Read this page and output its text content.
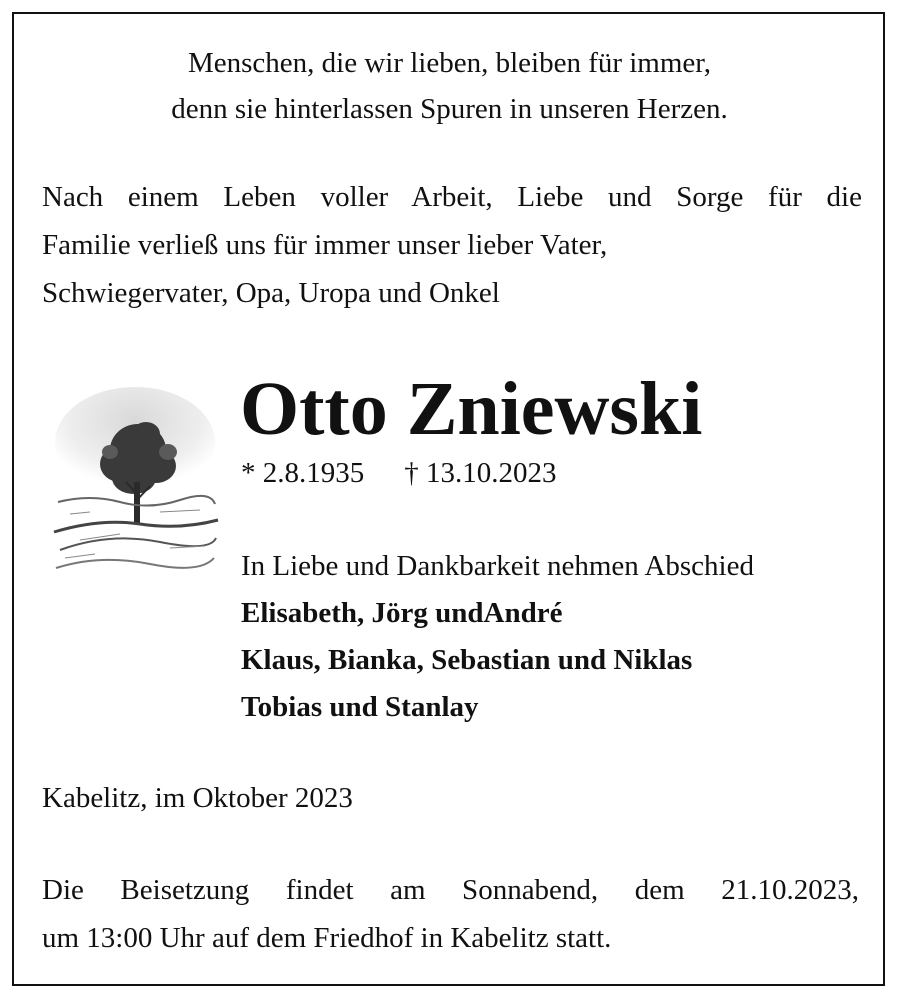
Menschen, die wir lieben, bleiben für immer,
denn sie hinterlassen Spuren in unseren Herzen.
Nach einem Leben voller Arbeit, Liebe und Sorge für die
Familie verließ uns für immer unser lieber Vater,
Schwiegervater, Opa, Uropa und Onkel
Otto Zniewski
* 2.8.1935 † 13.10.2023
In Liebe und Dankbarkeit nehmen Abschied
Elisabeth, Jörg undAndré
Klaus, Bianka, Sebastian und Niklas
Tobias und Stanlay
Kabelitz, im Oktober 2023
Die Beisetzung findet am Sonnabend, dem 21.10.2023,
um 13:00 Uhr auf dem Friedhof in Kabelitz statt.
